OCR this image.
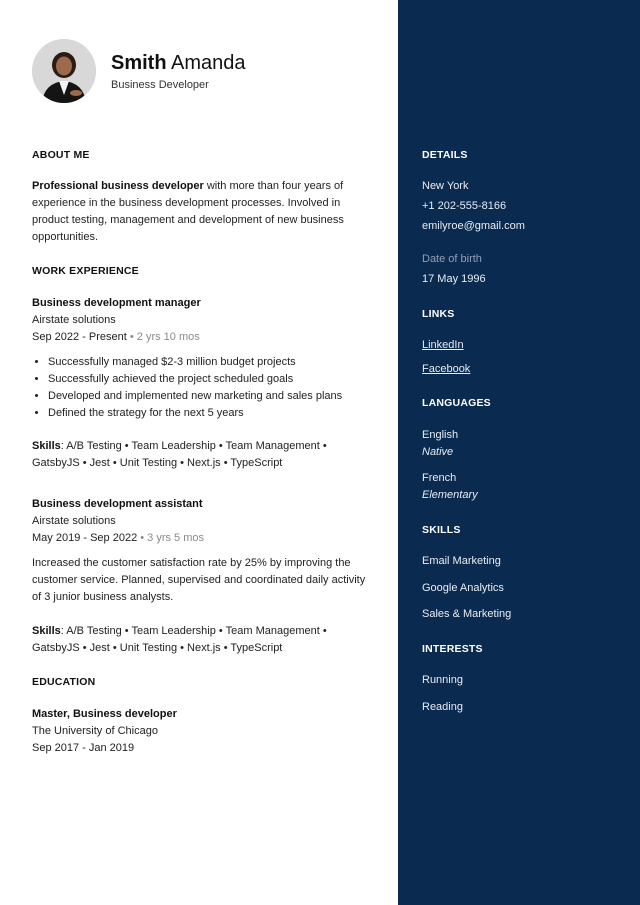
Smith Amanda
Business Developer
ABOUT ME
Professional business developer with more than four years of experience in the business development processes. Involved in product testing, management and development of new business opportunities.
WORK EXPERIENCE
Business development manager
Airstate solutions
Sep 2022 - Present • 2 yrs 10 mos
• Successfully managed $2-3 million budget projects
• Successfully achieved the project scheduled goals
• Developed and implemented new marketing and sales plans
• Defined the strategy for the next 5 years
Skills: A/B Testing • Team Leadership • Team Management • GatsbyJS • Jest • Unit Testing • Next.js • TypeScript
Business development assistant
Airstate solutions
May 2019 - Sep 2022 • 3 yrs 5 mos
Increased the customer satisfaction rate by 25% by improving the customer service. Planned, supervised and coordinated daily activity of 3 junior business analysts.
Skills: A/B Testing • Team Leadership • Team Management • GatsbyJS • Jest • Unit Testing • Next.js • TypeScript
EDUCATION
Master, Business developer
The University of Chicago
Sep 2017 - Jan 2019
DETAILS
New York
+1 202-555-8166
emilyroe@gmail.com
Date of birth
17 May 1996
LINKS
LinkedIn
Facebook
LANGUAGES
English
Native
French
Elementary
SKILLS
Email Marketing
Google Analytics
Sales & Marketing
INTERESTS
Running
Reading
